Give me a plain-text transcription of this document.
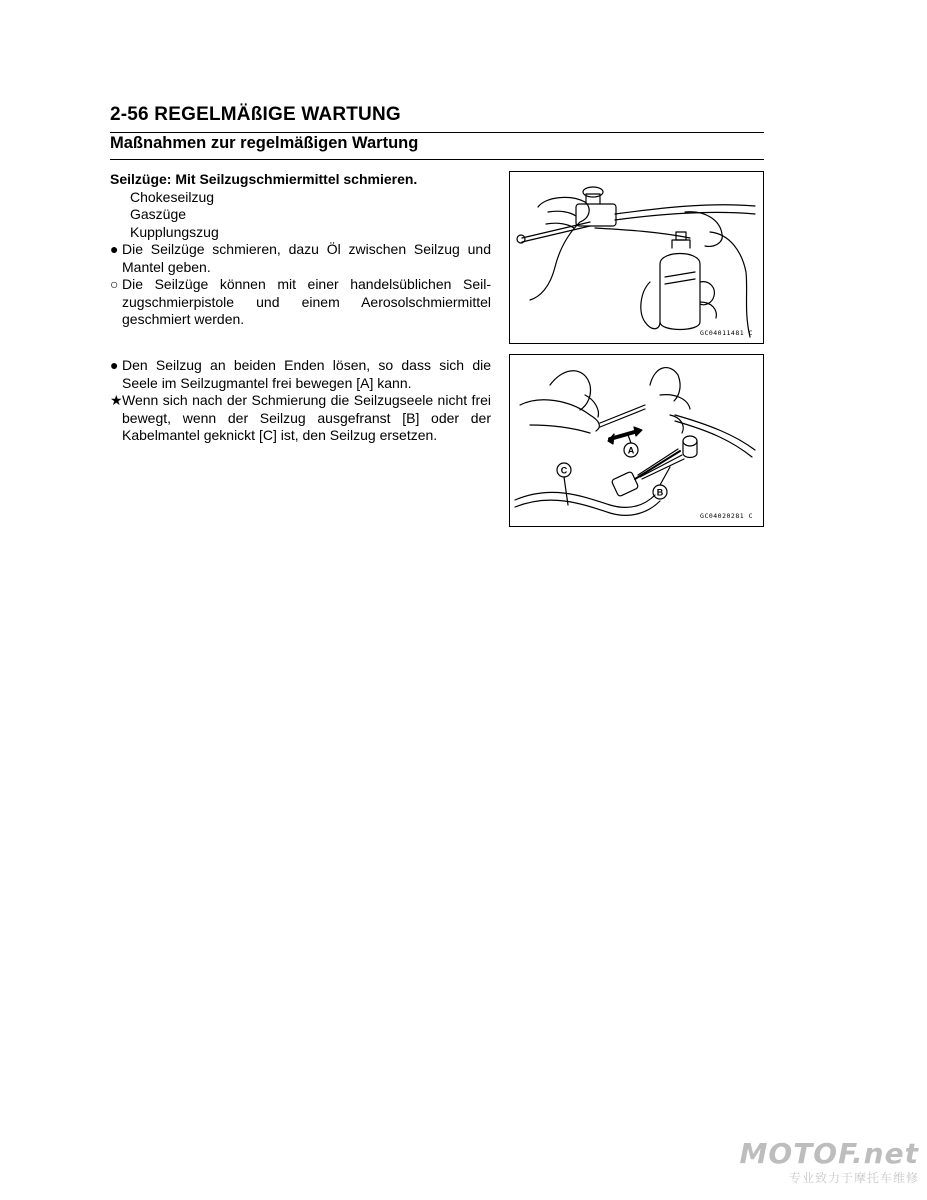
2-56 REGELMÄßIGE WARTUNG
Maßnahmen zur regelmäßigen Wartung
Seilzüge: Mit Seilzugschmiermittel schmieren.
Chokeseilzug
Gaszüge
Kupplungszug
● Die Seilzüge schmieren, dazu Öl zwischen Seilzug und Mantel geben.
○ Die Seilzüge können mit einer handelsüblichen Seil-zugschmierpistole und einem Aerosolschmiermittel geschmiert werden.
● Den Seilzug an beiden Enden lösen, so dass sich die Seele im Seilzugmantel frei bewegen [A] kann.
★ Wenn sich nach der Schmierung die Seilzugseele nicht frei bewegt, wenn der Seilzug ausgefranst [B] oder der Kabelmantel geknickt [C] ist, den Seilzug ersetzen.
GC04011481 C
A
B
C
GC04020281 C
MOTOF.net
专业致力于摩托车维修
